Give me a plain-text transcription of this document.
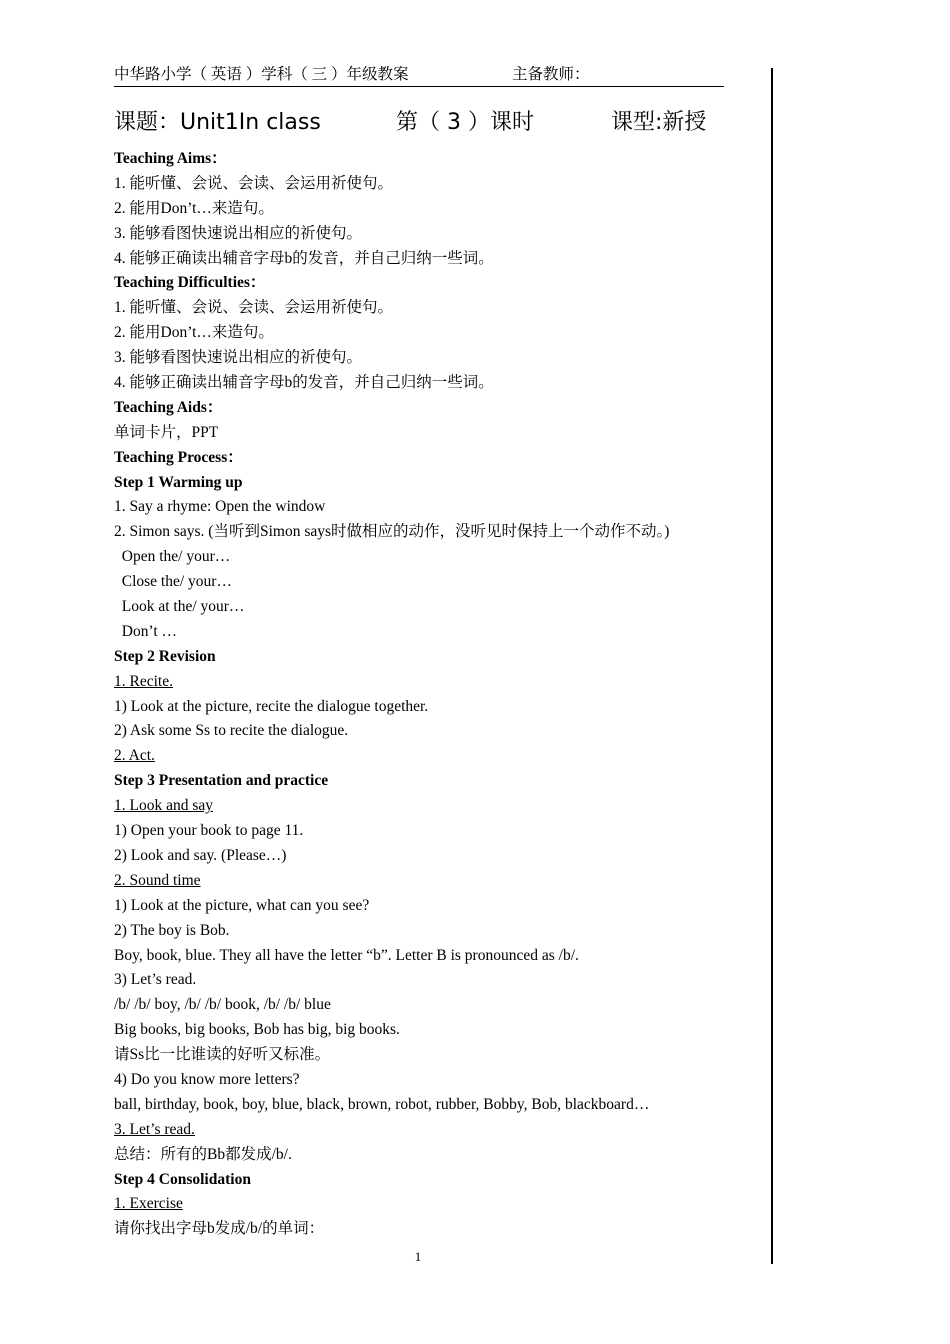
中华路小学（ 英语 ）学科（ 三 ）年级教案	主备教师：
课题：Unit1In class	第（ 3 ）课时	课型:新授
Teaching Aims：
1. 能听懂、会说、会读、会运用祈使句。
2. 能用Don’t…来造句。
3. 能够看图快速说出相应的祈使句。
4. 能够正确读出辅音字母b的发音，并自己归纳一些词。
Teaching Difficulties：
1. 能听懂、会说、会读、会运用祈使句。
2. 能用Don’t…来造句。
3. 能够看图快速说出相应的祈使句。
4. 能够正确读出辅音字母b的发音，并自己归纳一些词。
Teaching Aids：
单词卡片，PPT
Teaching Process：
Step 1 Warming up
1. Say a rhyme: Open the window
2. Simon says. (当听到Simon says时做相应的动作，没听见时保持上一个动作不动。)
Open the/ your…
Close the/ your…
Look at the/ your…
Don’t …
Step 2 Revision
1. Recite.
1) Look at the picture, recite the dialogue together.
2) Ask some Ss to recite the dialogue.
2. Act.
Step 3 Presentation and practice
1. Look and say
1) Open your book to page 11.
2) Look and say. (Please…)
2. Sound time
1) Look at the picture, what can you see?
2) The boy is Bob.
Boy, book, blue. They all have the letter “b”. Letter B is pronounced as /b/.
3) Let’s read.
/b/ /b/ boy, /b/ /b/ book, /b/ /b/ blue
Big books, big books, Bob has big, big books.
请Ss比一比谁读的好听又标准。
4) Do you know more letters?
ball, birthday, book, boy, blue, black, brown, robot, rubber, Bobby, Bob, blackboard…
3. Let’s read.
总结：所有的Bb都发成/b/.
Step 4 Consolidation
1. Exercise
请你找出字母b发成/b/的单词：
1
